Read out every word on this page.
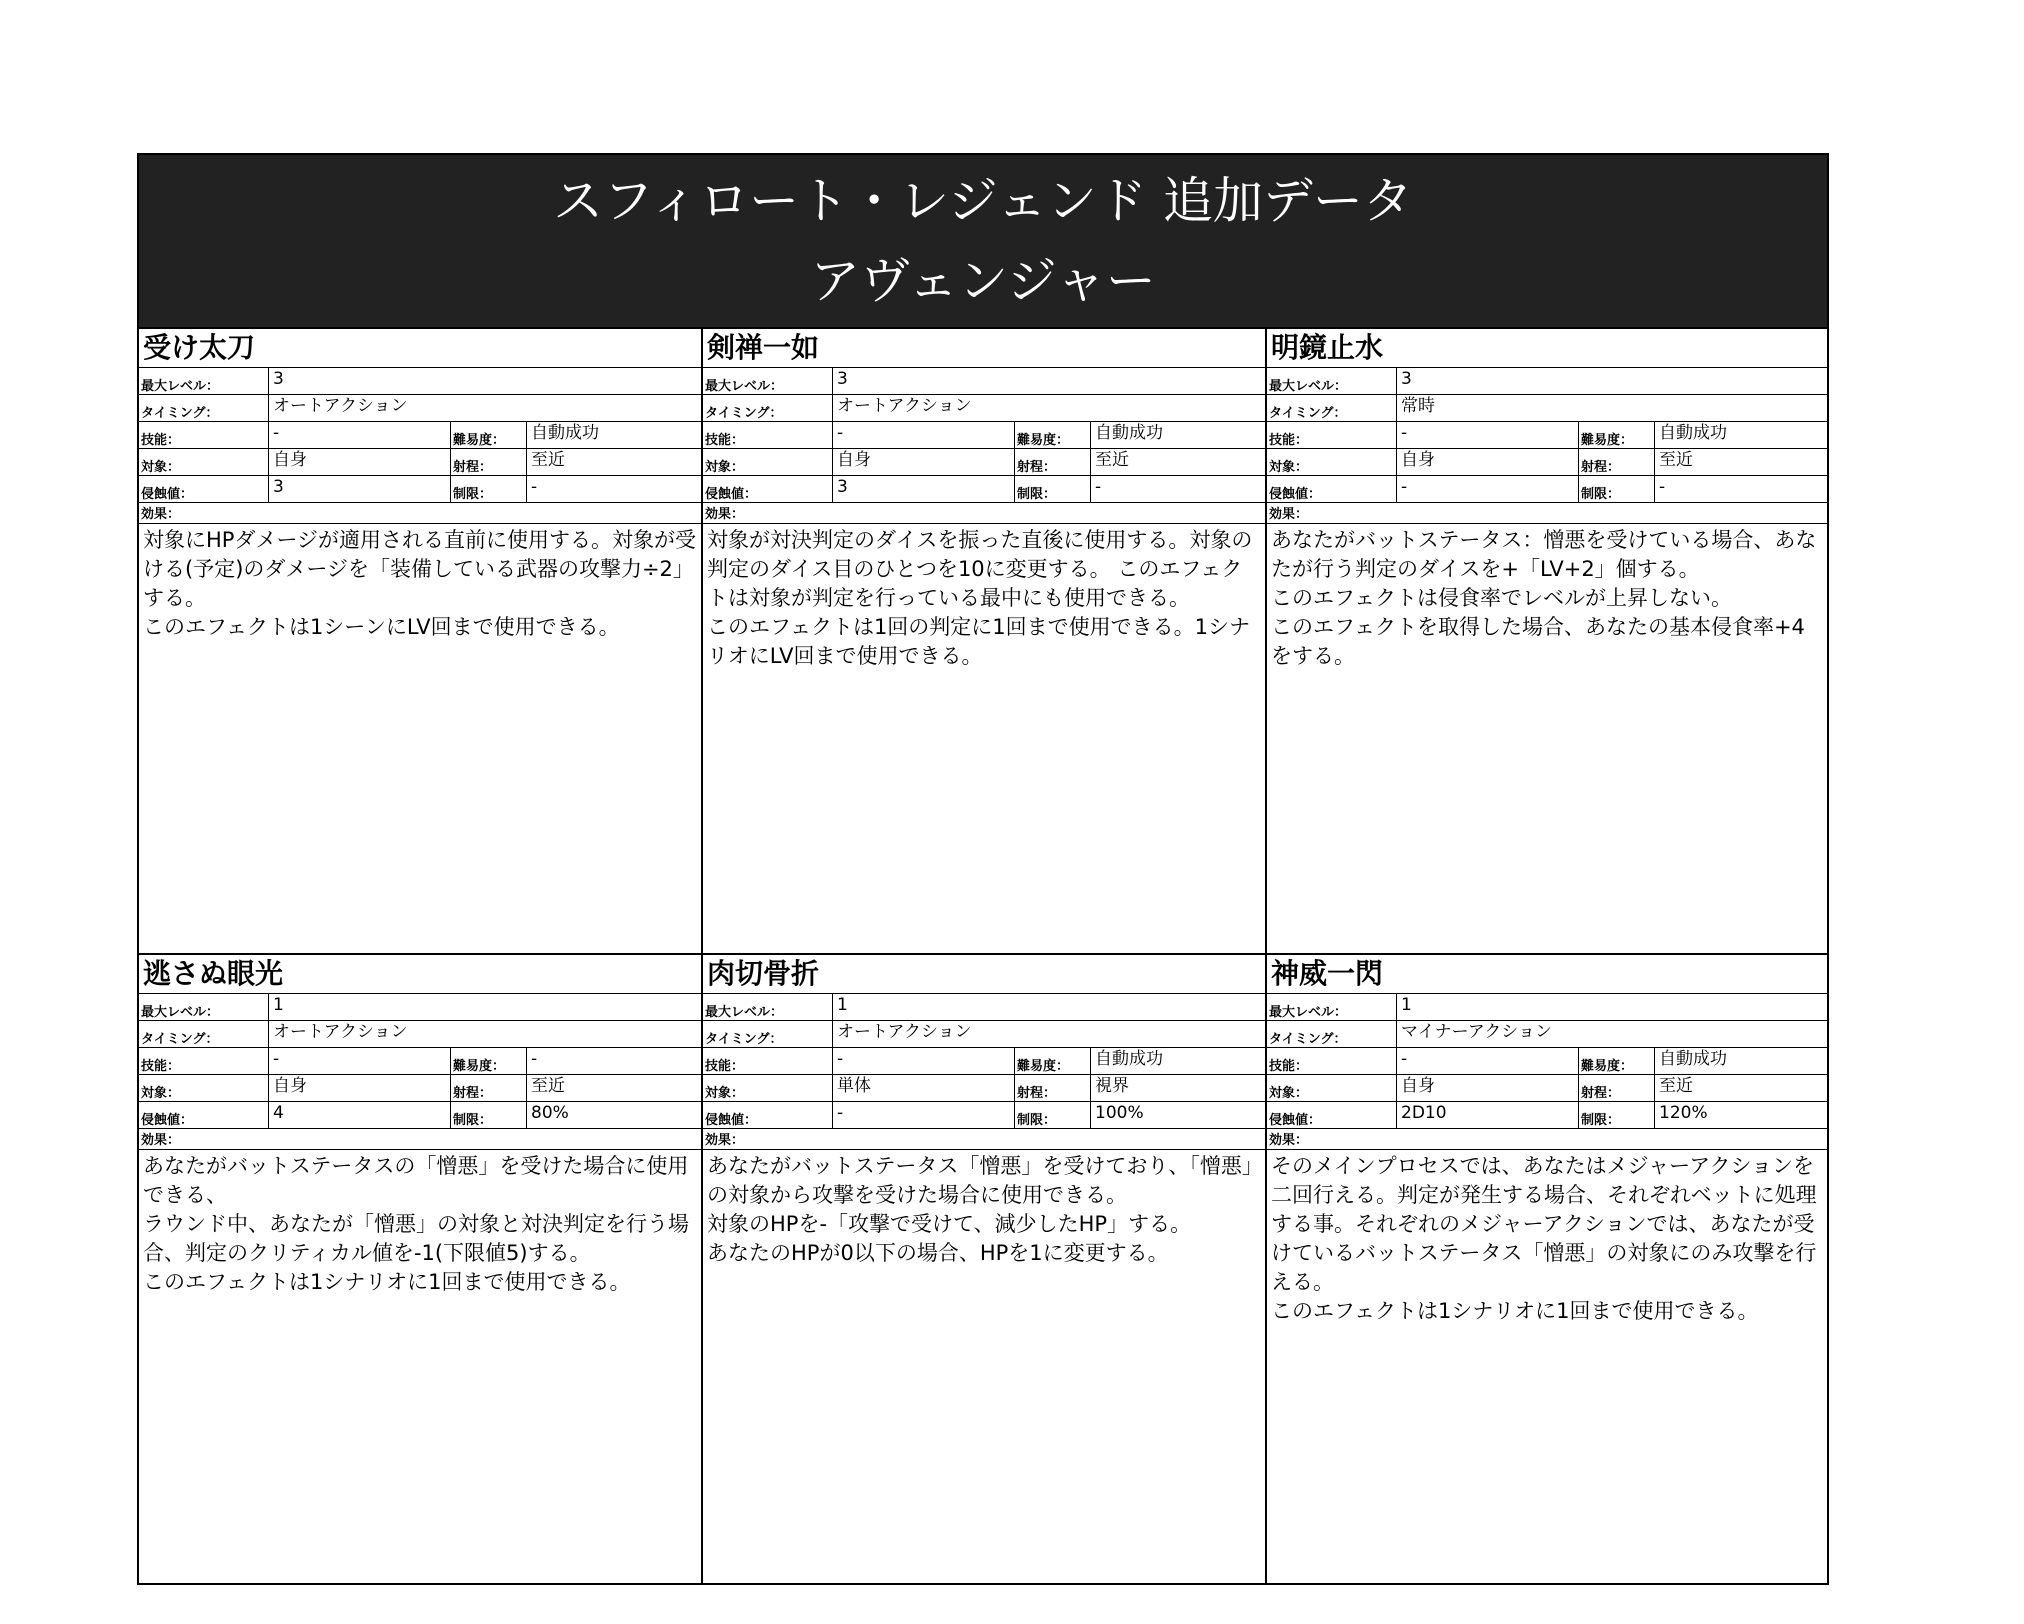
スフィロート・レジェンド 追加データ
アヴェンジャー
受け太刀
最大レベル：	3
タイミング：	オートアクション
技能：	-	難易度：	自動成功
対象：	自身	射程：	至近
侵蝕値：	3	制限：	-
効果：
対象にHPダメージが適用される直前に使用する。対象が受ける(予定)のダメージを「装備している武器の攻撃力÷2」する。
このエフェクトは1シーンにLV回まで使用できる。
剣禅一如
最大レベル：	3
タイミング：	オートアクション
技能：	-	難易度：	自動成功
対象：	自身	射程：	至近
侵蝕値：	3	制限：	-
効果：
対象が対決判定のダイスを振った直後に使用する。対象の判定のダイス目のひとつを10に変更する。 このエフェクトは対象が判定を行っている最中にも使用できる。
このエフェクトは1回の判定に1回まで使用できる。1シナリオにLV回まで使用できる。
明鏡止水
最大レベル：	3
タイミング：	常時
技能：	-	難易度：	自動成功
対象：	自身	射程：	至近
侵蝕値：	-	制限：	-
効果：
あなたがバットステータス：憎悪を受けている場合、あなたが行う判定のダイスを+「LV+2」個する。
このエフェクトは侵食率でレベルが上昇しない。
このエフェクトを取得した場合、あなたの基本侵食率+4をする。
逃さぬ眼光
最大レベル：	1
タイミング：	オートアクション
技能：	-	難易度：	-
対象：	自身	射程：	至近
侵蝕値：	4	制限：	80%
効果：
あなたがバットステータスの「憎悪」を受けた場合に使用できる、
ラウンド中、あなたが「憎悪」の対象と対決判定を行う場合、判定のクリティカル値を-1(下限値5)する。
このエフェクトは1シナリオに1回まで使用できる。
肉切骨折
最大レベル：	1
タイミング：	オートアクション
技能：	-	難易度：	自動成功
対象：	単体	射程：	視界
侵蝕値：	-	制限：	100%
効果：
あなたがバットステータス「憎悪」を受けており、「憎悪」の対象から攻撃を受けた場合に使用できる。
対象のHPを-「攻撃で受けて、減少したHP」する。
あなたのHPが0以下の場合、HPを1に変更する。
神威一閃
最大レベル：	1
タイミング：	マイナーアクション
技能：	-	難易度：	自動成功
対象：	自身	射程：	至近
侵蝕値：	2D10	制限：	120%
効果：
そのメインプロセスでは、あなたはメジャーアクションを二回行える。判定が発生する場合、それぞれベットに処理する事。それぞれのメジャーアクションでは、あなたが受けているバットステータス「憎悪」の対象にのみ攻撃を行える。
このエフェクトは1シナリオに1回まで使用できる。
